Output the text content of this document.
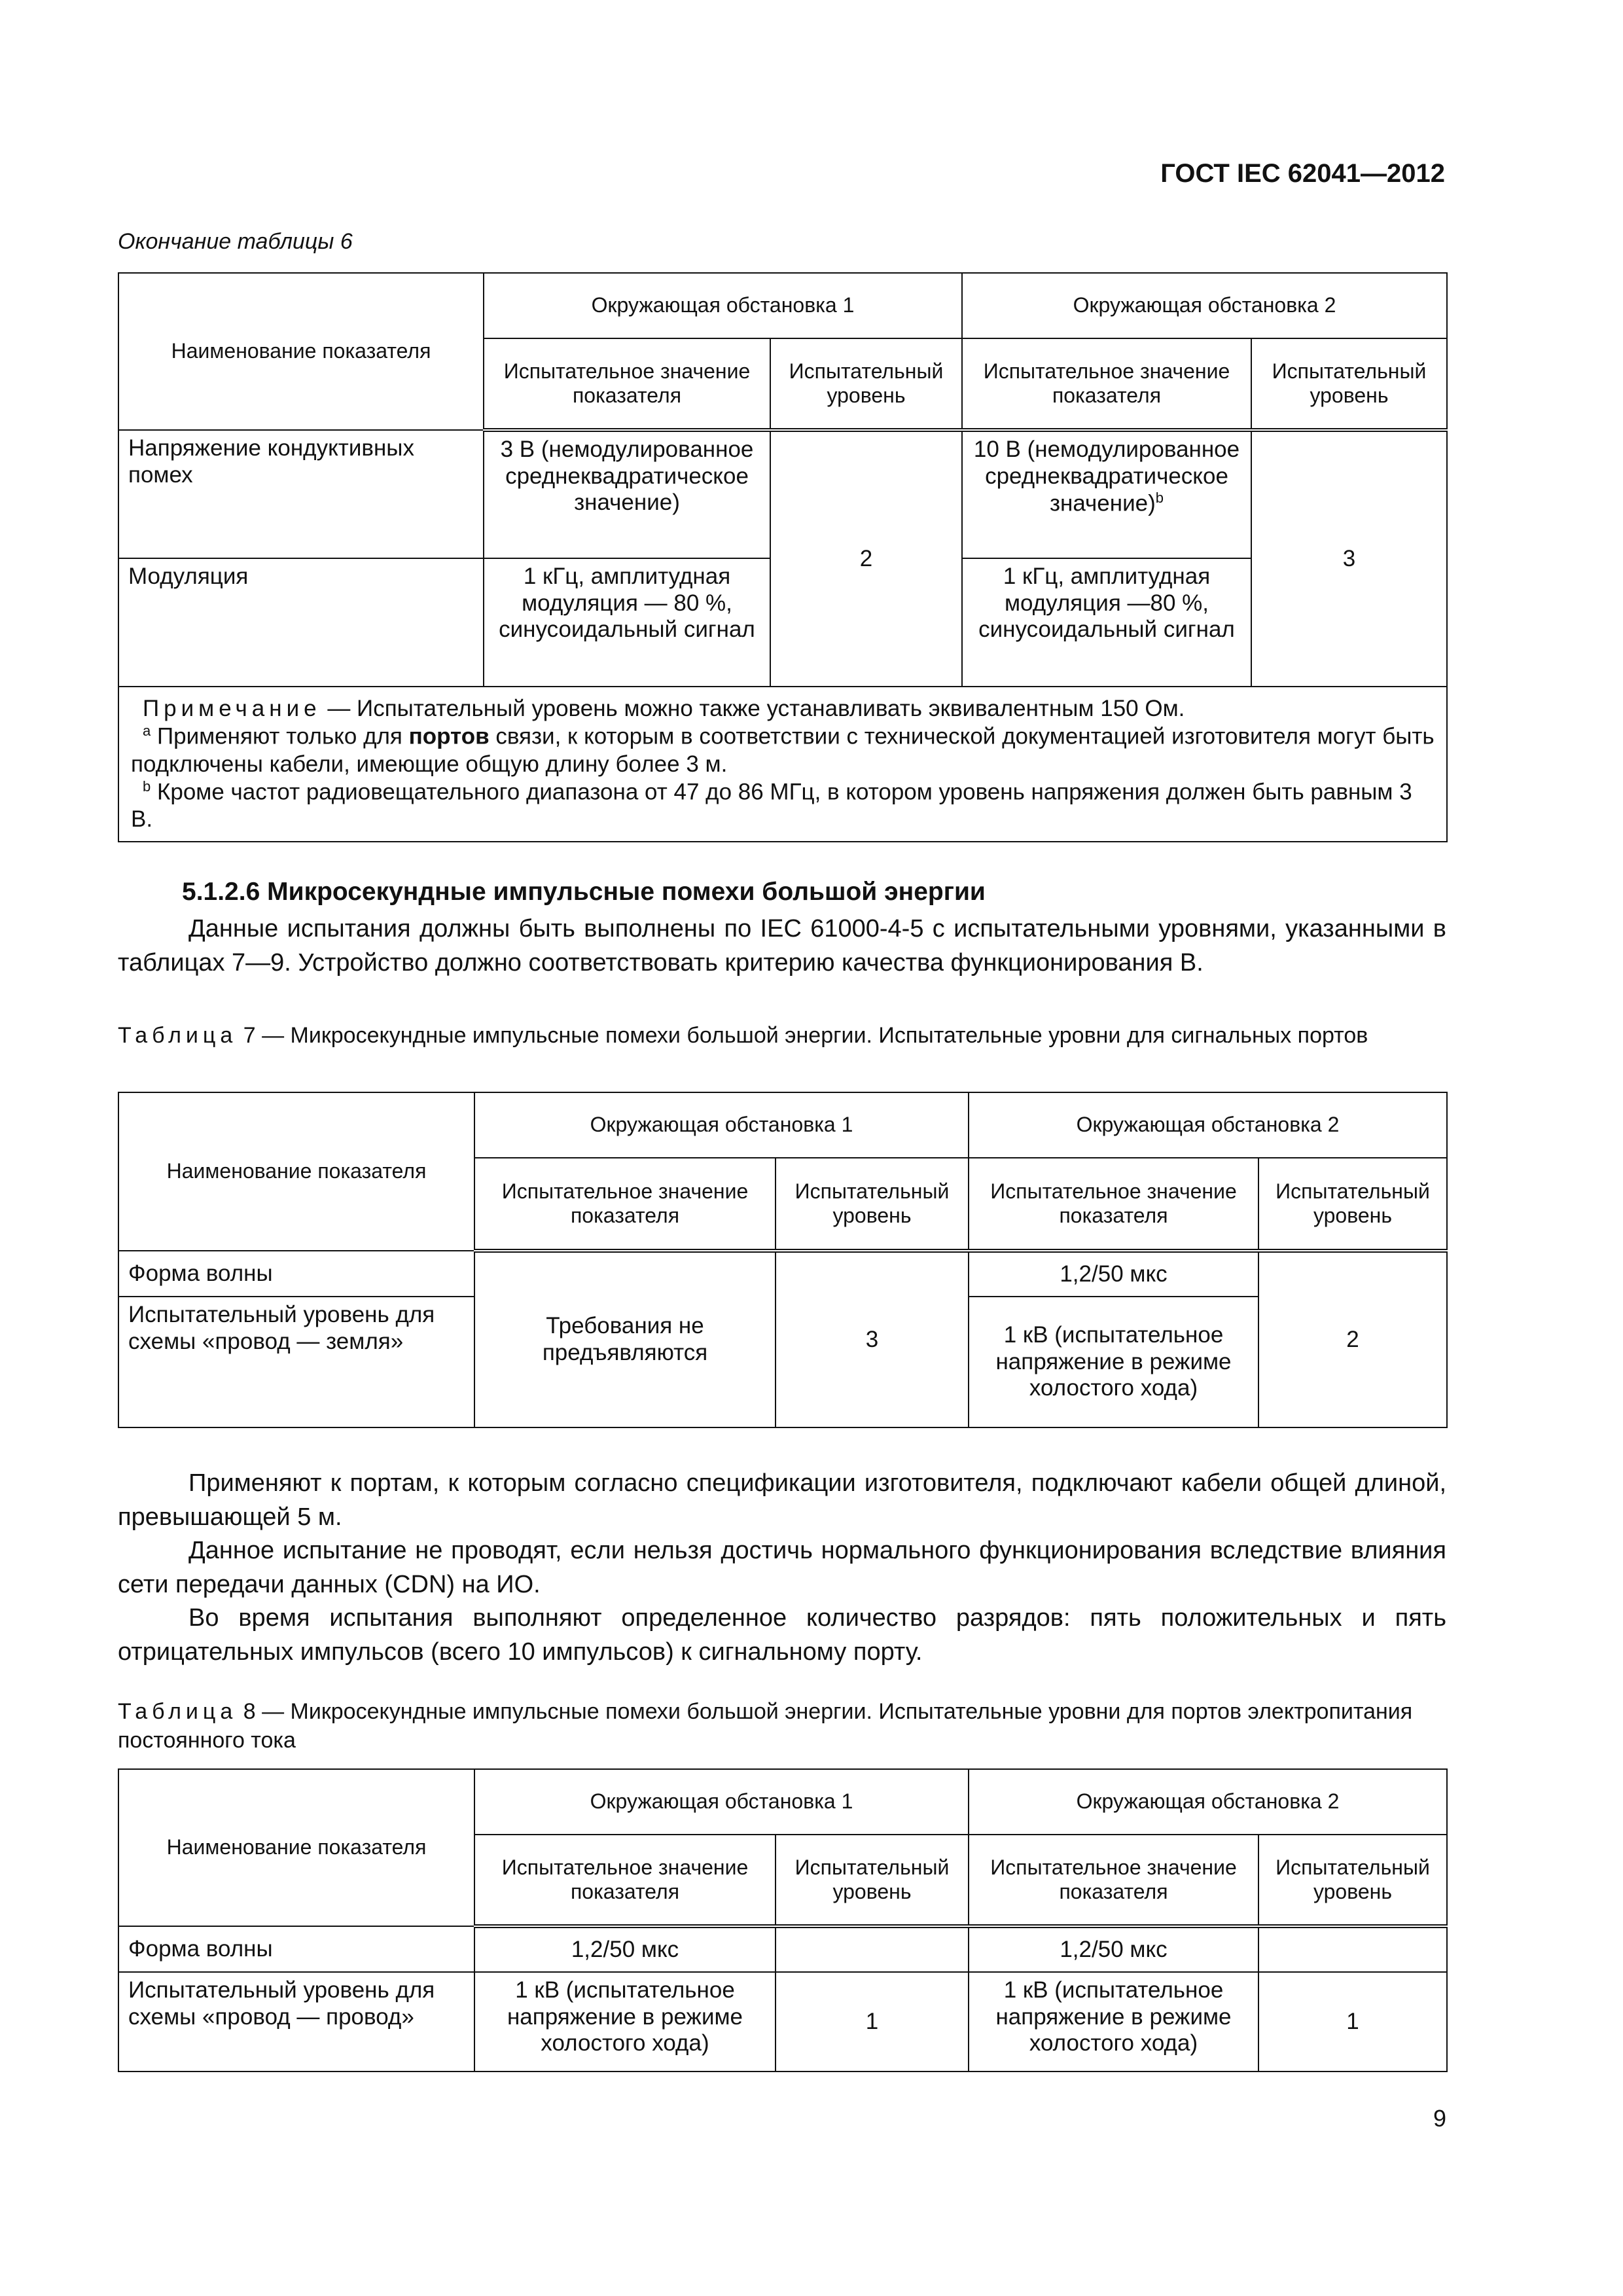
ГОСТ IEC 62041—2012
Окончание таблицы 6
Наименование показателя	Окружающая обстановка 1		Окружающая обстановка 2	
	Испытательное значение показателя	Испытательный уровень	Испытательное значение показателя	Испытательный уровень
Напряжение кондуктивных помех	3 В (немодулированное среднеквадратическое значение)	2	10 В (немодулированное среднеквадратическое значение)$^b$	3
Модуляция	1 кГц, амплитудная модуляция — 80 %, синусоидальный сигнал		1 кГц, амплитудная модуляция —80 %, синусоидальный сигнал	

Примечание — Испытательный уровень можно также устанавливать эквивалентным 150 Ом.

$^a$ Применяют только для портов связи, к которым в соответствии с технической документацией изготовителя могут быть подключены кабели, имеющие общую длину более 3 м.

$^b$ Кроме частот радиовещательного диапазона от 47 до 86 МГц, в котором уровень напряжения должен быть равным 3 В.				

5.1.2.6 Микросекундные импульсные помехи большой энергии

Данные испытания должны быть выполнены по IEC 61000-4-5 с испытательными уровнями, указанными в таблицах 7—9. Устройство должно соответствовать критерию качества функционирования В.

Таблица 7 — Микросекундные импульсные помехи большой энергии. Испытательные уровни для сигнальных портов

Наименование показателя	Окружающая обстановка 1		Окружающая обстановка 2	
	Испытательное значение показателя	Испытательный уровень	Испытательное значение показателя	Испытательный уровень
Форма волны	Требования не предъявляются	3	1,2/50 мкс	2
Испытательный уровень для схемы «провод — земля»			1 кВ (испытательное напряжение в режиме холостого хода)	

Применяют к портам, к которым согласно спецификации изготовителя, подключают кабели общей длиной, превышающей 5 м.

Данное испытание не проводят, если нельзя достичь нормального функционирования вследствие влияния сети передачи данных (CDN) на ИО.

Во время испытания выполняют определенное количество разрядов: пять положительных и пять отрицательных импульсов (всего 10 импульсов) к сигнальному порту.

Таблица 8 — Микросекундные импульсные помехи большой энергии. Испытательные уровни для портов электропитания постоянного тока

Наименование показателя	Окружающая обстановка 1		Окружающая обстановка 2	
	Испытательное значение показателя	Испытательный уровень	Испытательное значение показателя	Испытательный уровень
Форма волны	1,2/50 мкс		1,2/50 мкс	
Испытательный уровень для схемы «провод — провод»	1 кВ (испытательное напряжение в режиме холостого хода)	1	1 кВ (испытательное напряжение в режиме холостого хода)	1
9
